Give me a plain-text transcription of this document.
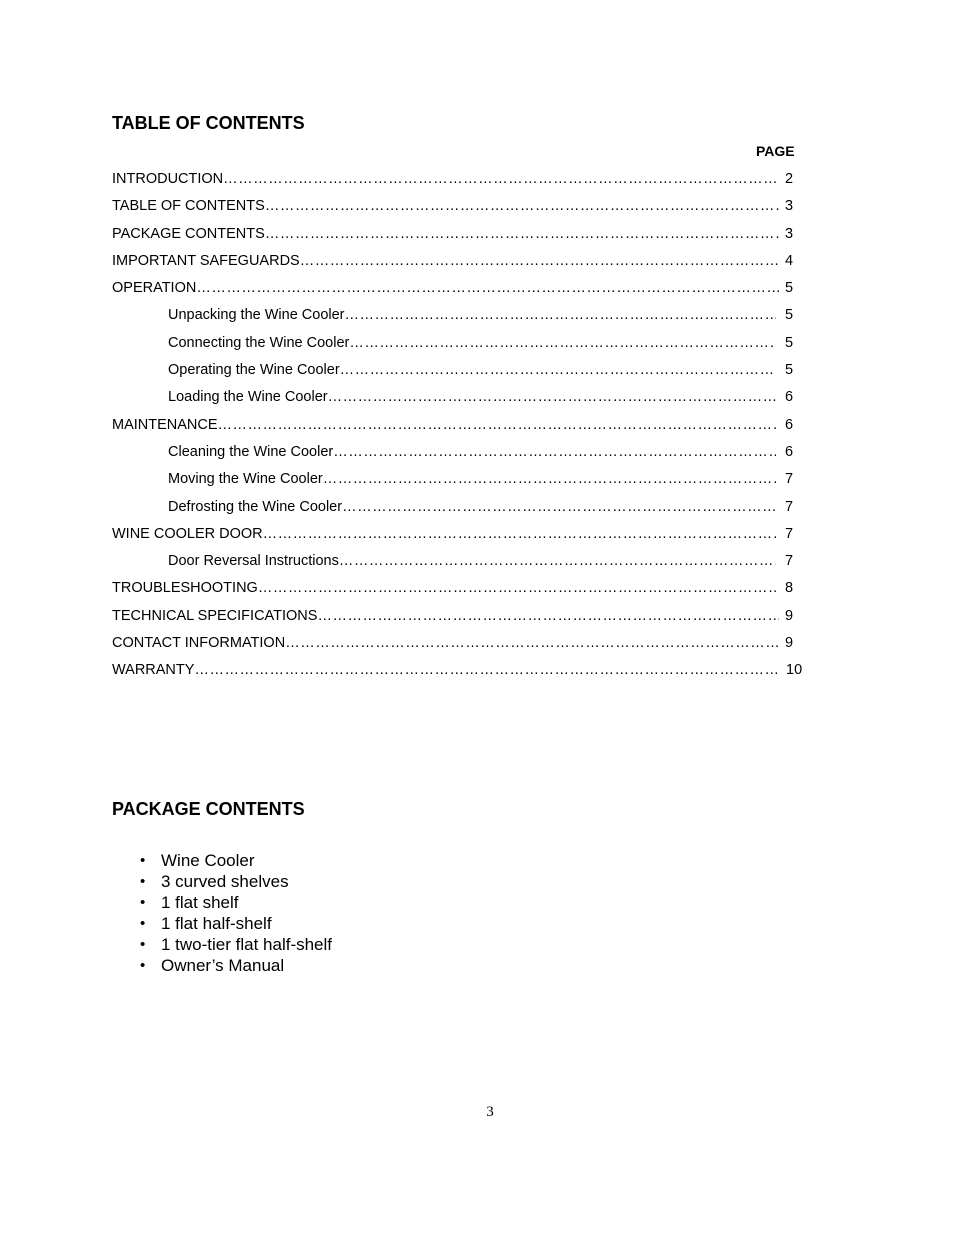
TABLE OF CONTENTS
PAGE
INTRODUCTION …………………………………………………………………………………………………………………………………………………………………………………………	2
TABLE OF CONTENTS …………………………………………………………………………………………………………………………………………………………………………………………	3
PACKAGE CONTENTS …………………………………………………………………………………………………………………………………………………………………………………………	3
IMPORTANT SAFEGUARDS …………………………………………………………………………………………………………………………………………………………………………………………	4
OPERATION …………………………………………………………………………………………………………………………………………………………………………………………	5
Unpacking the Wine Cooler …………………………………………………………………………………………………………………………………………………………………………………………	5
Connecting the Wine Cooler …………………………………………………………………………………………………………………………………………………………………………………………	5
Operating the Wine Cooler …………………………………………………………………………………………………………………………………………………………………………………………	5
Loading the Wine Cooler …………………………………………………………………………………………………………………………………………………………………………………………	6
MAINTENANCE …………………………………………………………………………………………………………………………………………………………………………………………	6
Cleaning the Wine Cooler …………………………………………………………………………………………………………………………………………………………………………………………	6
Moving the Wine Cooler …………………………………………………………………………………………………………………………………………………………………………………………	7
Defrosting the Wine Cooler …………………………………………………………………………………………………………………………………………………………………………………………	7
WINE COOLER DOOR …………………………………………………………………………………………………………………………………………………………………………………………	7
Door Reversal Instructions …………………………………………………………………………………………………………………………………………………………………………………………	7
TROUBLESHOOTING …………………………………………………………………………………………………………………………………………………………………………………………	8
TECHNICAL SPECIFICATIONS …………………………………………………………………………………………………………………………………………………………………………………………	9
CONTACT INFORMATION …………………………………………………………………………………………………………………………………………………………………………………………	9
WARRANTY …………………………………………………………………………………………………………………………………………………………………………………………	10
PACKAGE CONTENTS
• Wine Cooler
• 3 curved shelves
• 1 flat shelf
• 1 flat half-shelf
• 1 two-tier flat half-shelf
• Owner’s Manual
3
